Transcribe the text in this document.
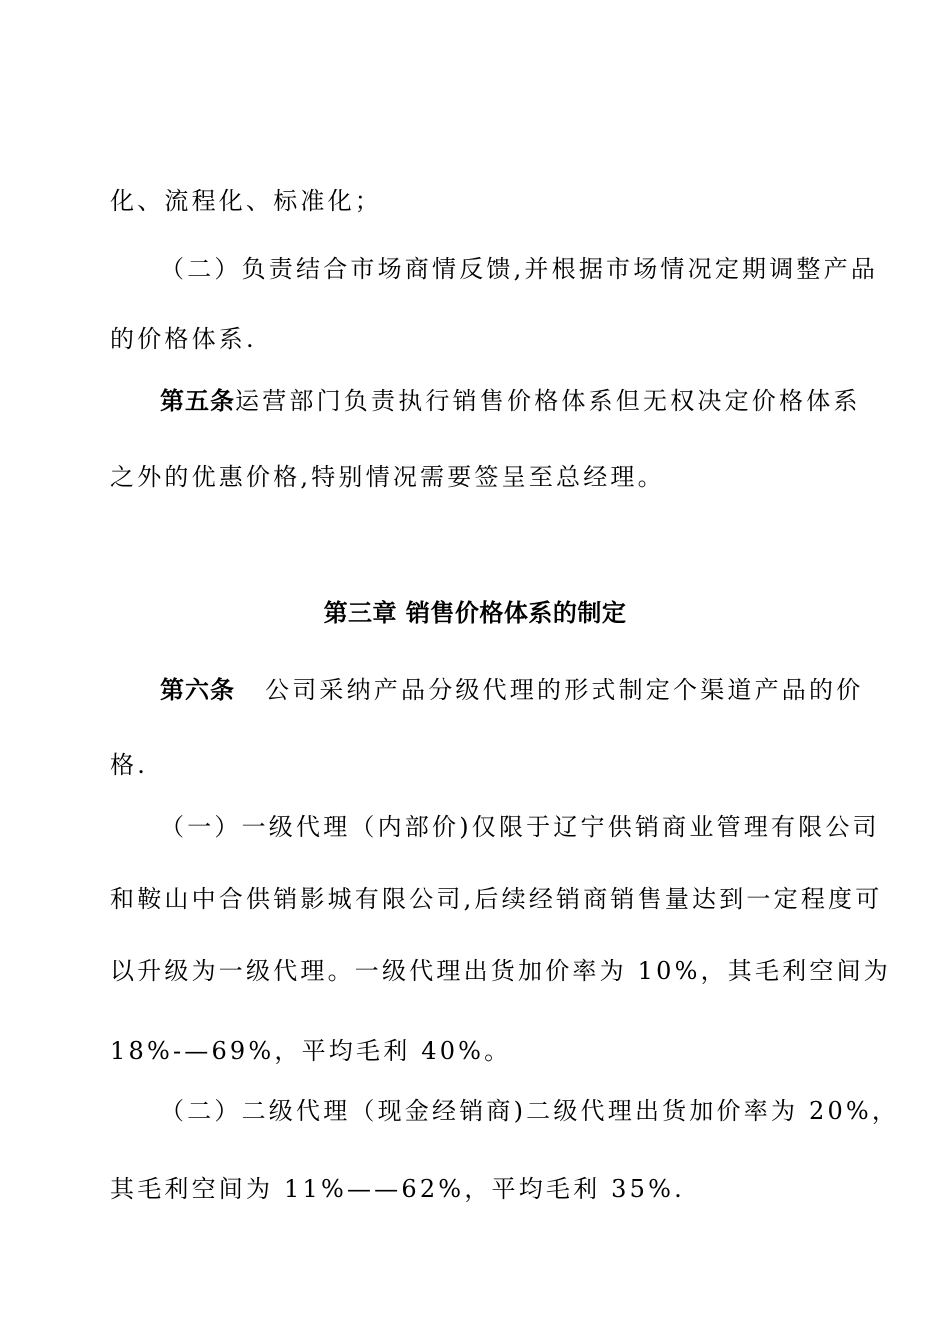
化、流程化、标准化；
（二）负责结合市场商情反馈,并根据市场情况定期调整产品
的价格体系.
第五条运营部门负责执行销售价格体系但无权决定价格体系
之外的优惠价格,特别情况需要签呈至总经理。
第三章 销售价格体系的制定
第六条 公司采纳产品分级代理的形式制定个渠道产品的价
格.
（一）一级代理（内部价)仅限于辽宁供销商业管理有限公司
和鞍山中合供销影城有限公司,后续经销商销售量达到一定程度可
以升级为一级代理。一级代理出货加价率为 10%，其毛利空间为
18%-—69%，平均毛利 40%。
（二）二级代理（现金经销商)二级代理出货加价率为 20%，
其毛利空间为 11%——62%，平均毛利 35%.
